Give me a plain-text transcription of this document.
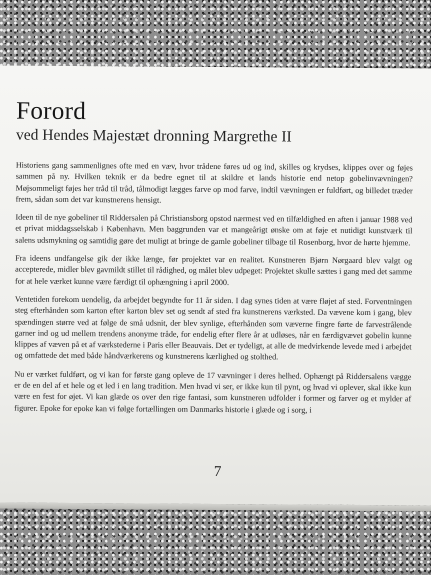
Forord
ved Hendes Majestæt dronning Margrethe II

Historiens gang sammenlignes ofte med en væv, hvor trådene føres ud og ind, skilles og krydses, klippes over og føjes sammen på ny. Hvilken teknik er da bedre egnet til at skildre et lands historie end netop gobelinvævningen? Møjsommeligt føjes her tråd til tråd, tålmodigt lægges farve op mod farve, indtil vævningen er fuldført, og billedet træder frem, sådan som det var kunstnerens hensigt.

Ideen til de nye gobeliner til Riddersalen på Christiansborg opstod nærmest ved en tilfældighed en aften i januar 1988 ved et privat middagsselskab i København. Men baggrunden var et mangeårigt ønske om at føje et nutidigt kunstværk til salens udsmykning og samtidig gøre det muligt at bringe de gamle gobeliner tilbage til Rosenborg, hvor de hørte hjemme.

Fra ideens undfangelse gik der ikke længe, før projektet var en realitet. Kunstneren Bjørn Nørgaard blev valgt og accepterede, midler blev gavmildt stillet til rådighed, og målet blev udpeget: Projektet skulle sættes i gang med det samme for at hele værket kunne være færdigt til ophængning i april 2000.

Ventetiden forekom uendelig, da arbejdet begyndte for 11 år siden. I dag synes tiden at være fløjet af sted. Forventningen steg efterhånden som karton efter karton blev set og sendt af sted fra kunstnerens værksted. Da vævene kom i gang, blev spændingen større ved at følge de små udsnit, der blev synlige, efterhånden som væverne fingre førte de farvestrålende garner ind og ud mellem trendens anonyme tråde, for endelig efter flere år at udløses, når en færdigvævet gobelin kunne klippes af væven på et af værkstederne i Paris eller Beauvais. Det er tydeligt, at alle de medvirkende levede med i arbejdet og omfattede det med både håndværkerens og kunstnerens kærlighed og stolthed.

Nu er værket fuldført, og vi kan for første gang opleve de 17 vævninger i deres helhed. Ophængt på Riddersalens vægge er de en del af et hele og et led i en lang tradition. Men hvad vi ser, er ikke kun til pynt, og hvad vi oplever, skal ikke kun være en fest for øjet. Vi kan glæde os over den rige fantasi, som kunstneren udfolder i former og farver og et mylder af figurer. Epoke for epoke kan vi følge fortællingen om Danmarks historie i glæde og i sorg, i

7
